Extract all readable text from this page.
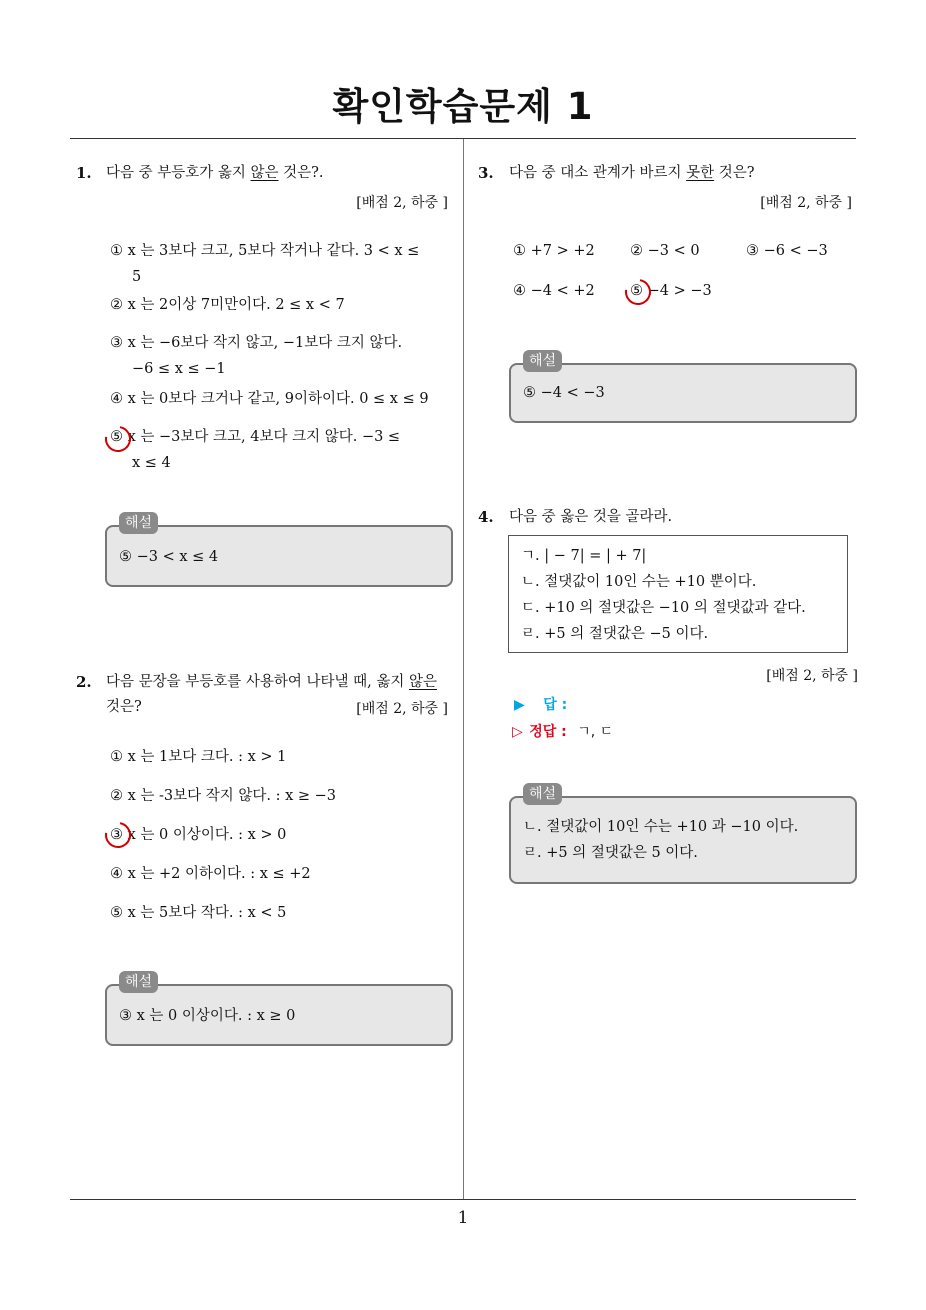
확인학습문제 1
1. 다음 중 부등호가 옳지 않은 것은?.
[배점 2, 하중 ]
① x 는 3보다 크고, 5보다 작거나 같다. 3 < x ≤
5
② x 는 2이상 7미만이다. 2 ≤ x < 7
③ x 는 −6보다 작지 않고, −1보다 크지 않다.
−6 ≤ x ≤ −1
④ x 는 0보다 크거나 같고, 9이하이다. 0 ≤ x ≤ 9
⑤ x 는 −3보다 크고, 4보다 크지 않다. −3 ≤
x ≤ 4
해설
⑤ −3 < x ≤ 4
2. 다음 문장을 부등호를 사용하여 나타낼 때, 옳지 않은
것은?	[배점 2, 하중 ]
① x 는 1보다 크다. : x > 1
② x 는 -3보다 작지 않다. : x ≥ −3
③ x 는 0 이상이다. : x > 0
④ x 는 +2 이하이다. : x ≤ +2
⑤ x 는 5보다 작다. : x < 5
해설
③ x 는 0 이상이다. : x ≥ 0
3. 다음 중 대소 관계가 바르지 못한 것은?
[배점 2, 하중 ]
① +7 > +2 ② −3 < 0	③ −6 < −3
④ −4 < +2 ⑤ −4 > −3
해설
⑤ −4 < −3
4. 다음 중 옳은 것을 골라라.
ㄱ. | − 7| = | + 7|
ㄴ. 절댓값이 10인 수는 +10 뿐이다.
ㄷ. +10 의 절댓값은 −10 의 절댓값과 같다.
ㄹ. +5 의 절댓값은 −5 이다.
[배점 2, 하중 ]
▶ 답 :
▷ 정답 : ㄱ, ㄷ
해설
ㄴ. 절댓값이 10인 수는 +10 과 −10 이다.
ㄹ. +5 의 절댓값은 5 이다.
1
